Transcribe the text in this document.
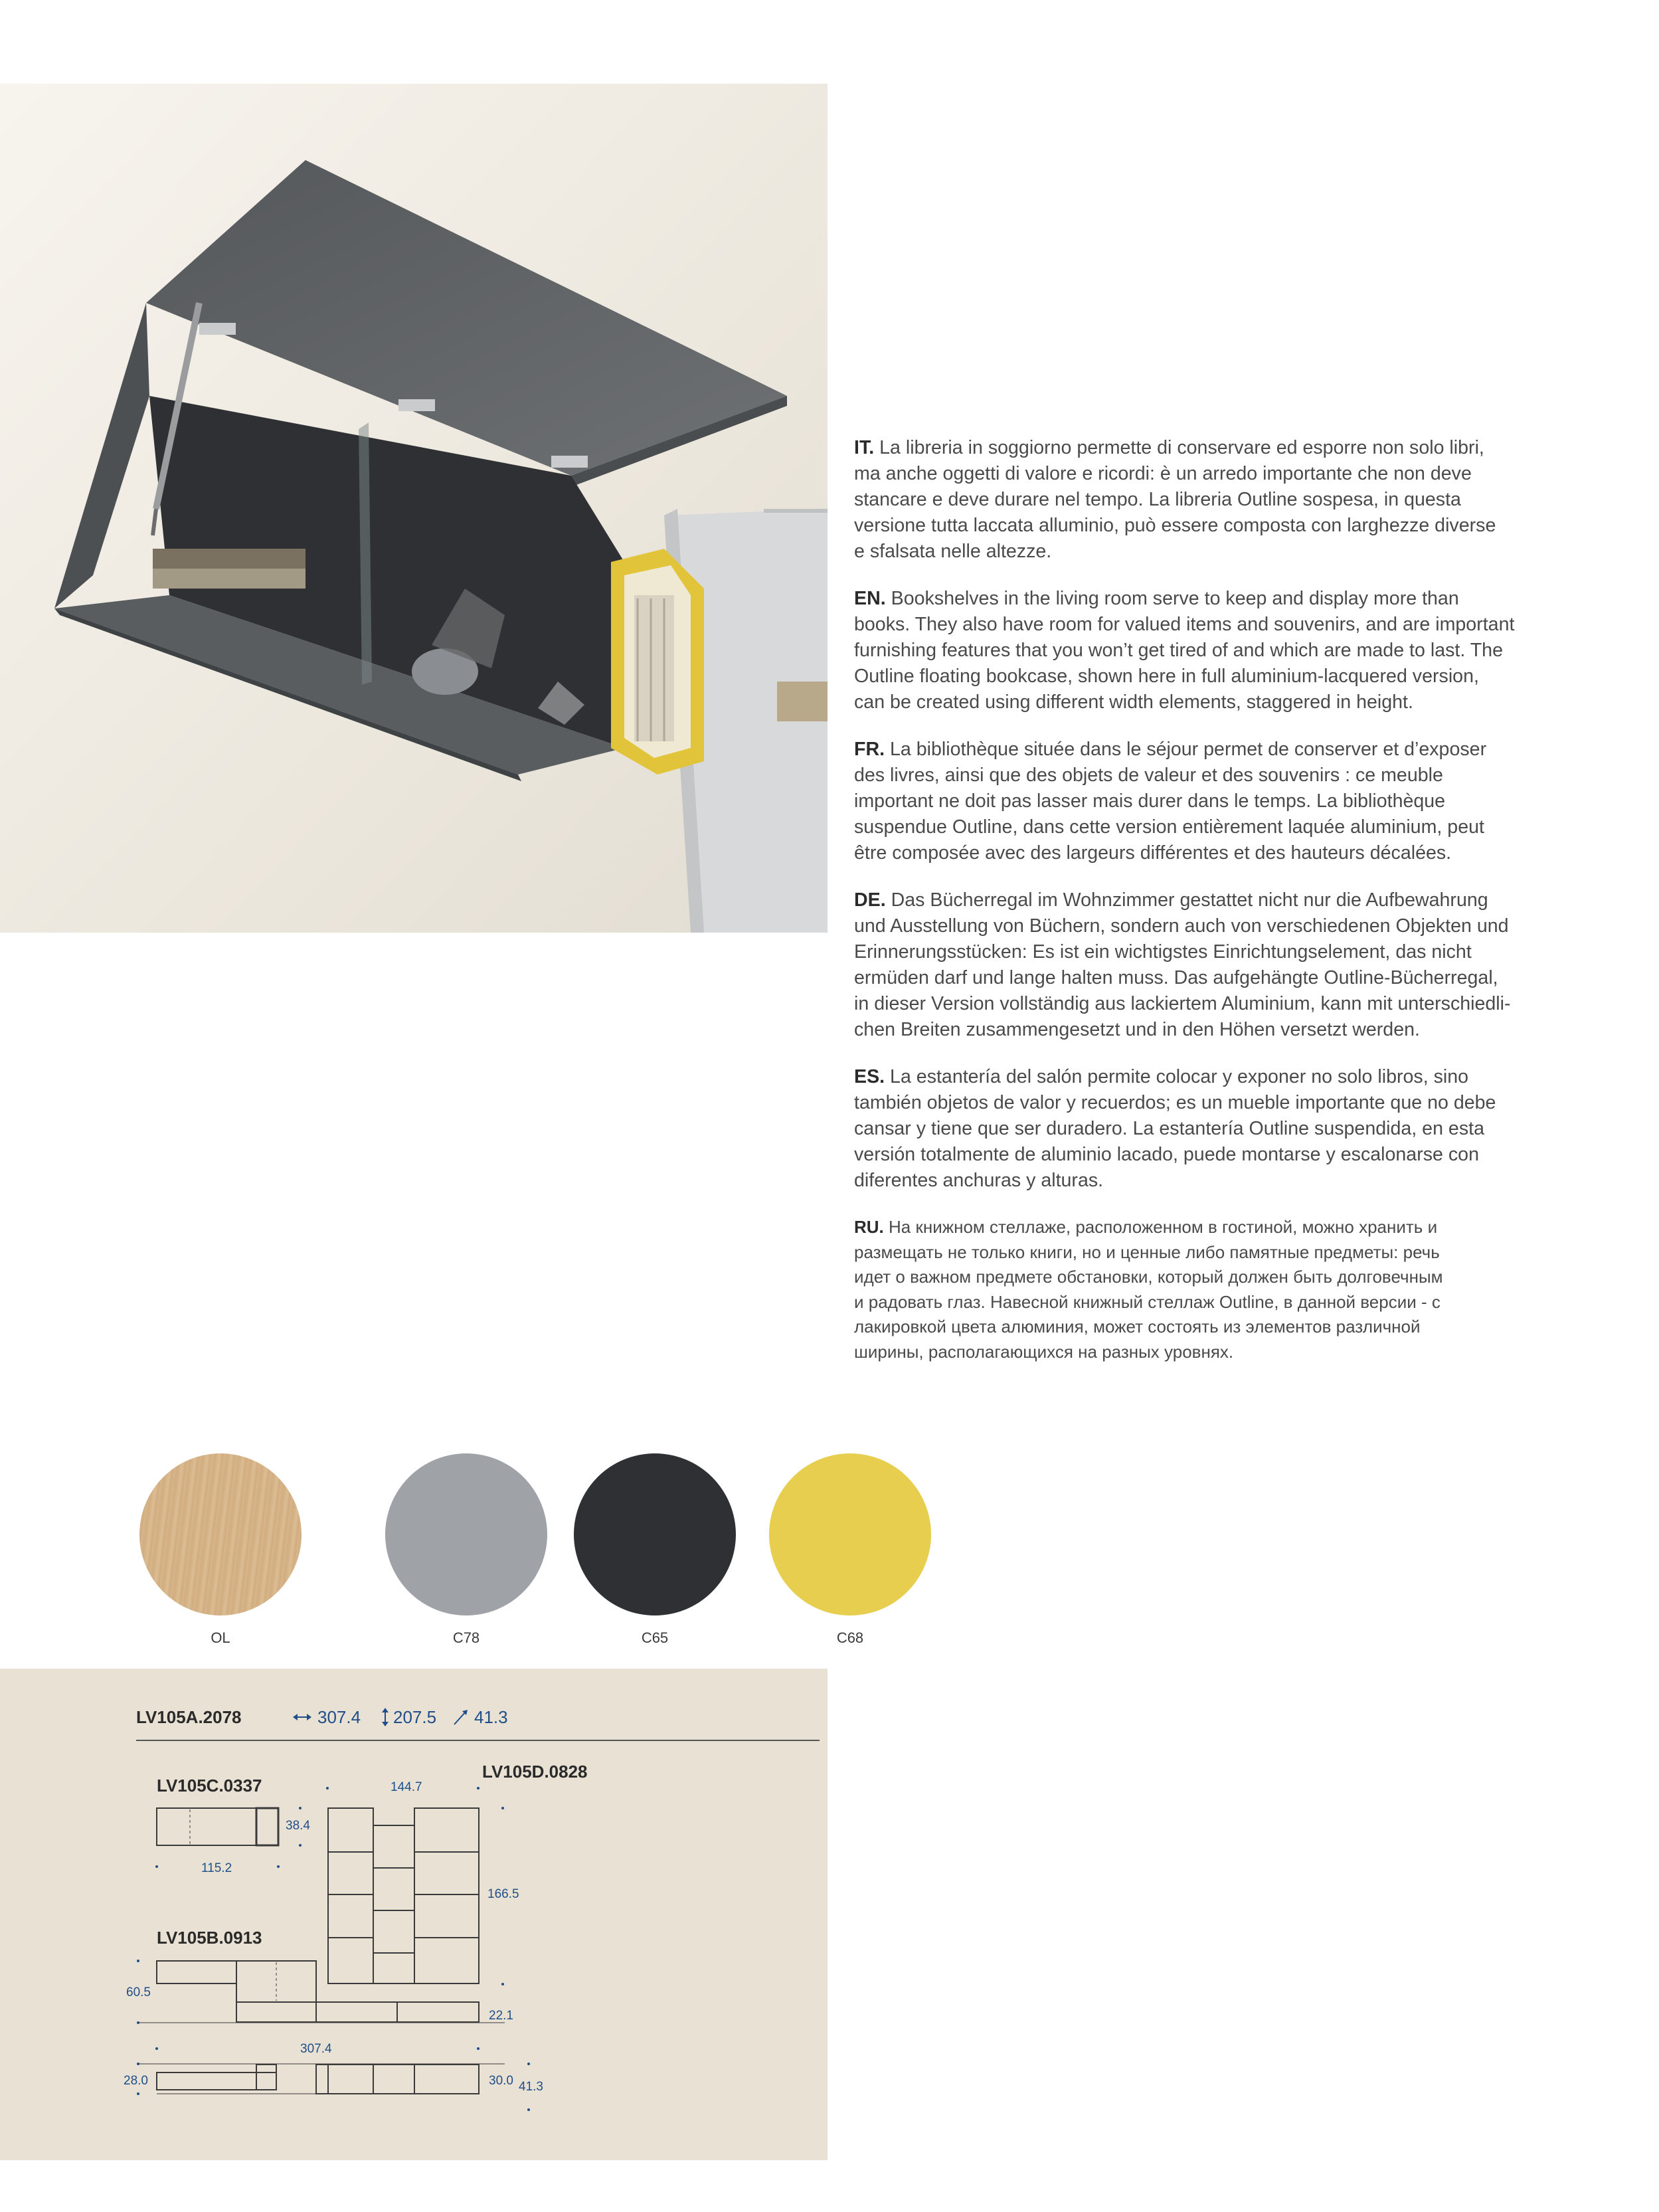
IT. La libreria in soggiorno permette di conservare ed esporre non solo libri,
ma anche oggetti di valore e ricordi: è un arredo importante che non deve
stancare e deve durare nel tempo. La libreria Outline sospesa, in questa
versione tutta laccata alluminio, può essere composta con larghezze diverse
e sfalsata nelle altezze.

EN. Bookshelves in the living room serve to keep and display more than
books. They also have room for valued items and souvenirs, and are important
furnishing features that you won’t get tired of and which are made to last. The
Outline floating bookcase, shown here in full aluminium-lacquered version,
can be created using different width elements, staggered in height.

FR. La bibliothèque située dans le séjour permet de conserver et d’exposer
des livres, ainsi que des objets de valeur et des souvenirs : ce meuble
important ne doit pas lasser mais durer dans le temps. La bibliothèque
suspendue Outline, dans cette version entièrement laquée aluminium, peut
être composée avec des largeurs différentes et des hauteurs décalées.

DE. Das Bücherregal im Wohnzimmer gestattet nicht nur die Aufbewahrung
und Ausstellung von Büchern, sondern auch von verschiedenen Objekten und
Erinnerungsstücken: Es ist ein wichtigstes Einrichtungselement, das nicht
ermüden darf und lange halten muss. Das aufgehängte Outline-Bücherregal,
in dieser Version vollständig aus lackiertem Aluminium, kann mit unterschiedli-
chen Breiten zusammengesetzt und in den Höhen versetzt werden.

ES. La estantería del salón permite colocar y exponer no solo libros, sino
también objetos de valor y recuerdos; es un mueble importante que no debe
cansar y tiene que ser duradero. La estantería Outline suspendida, en esta
versión totalmente de aluminio lacado, puede montarse y escalonarse con
diferentes anchuras y alturas.

RU. На книжном стеллаже, расположенном в гостиной, можно хранить и
размещать не только книги, но и ценные либо памятные предметы: речь
идет о важном предмете обстановки, который должен быть долговечным
и радовать глаз. Навесной книжный стеллаж Outline, в данной версии - с
лакировкой цвета алюминия, может состоять из элементов различной
ширины, располагающихся на разных уровнях.

OL	C78	C65	C68
LV105A.2078	307.4 207.5 41.3
LV105C.0337
LV105D.0828
LV105B.0913
38.4
115.2
144.7
166.5
60.5
22.1
307.4
28.0	30.0 41.3
